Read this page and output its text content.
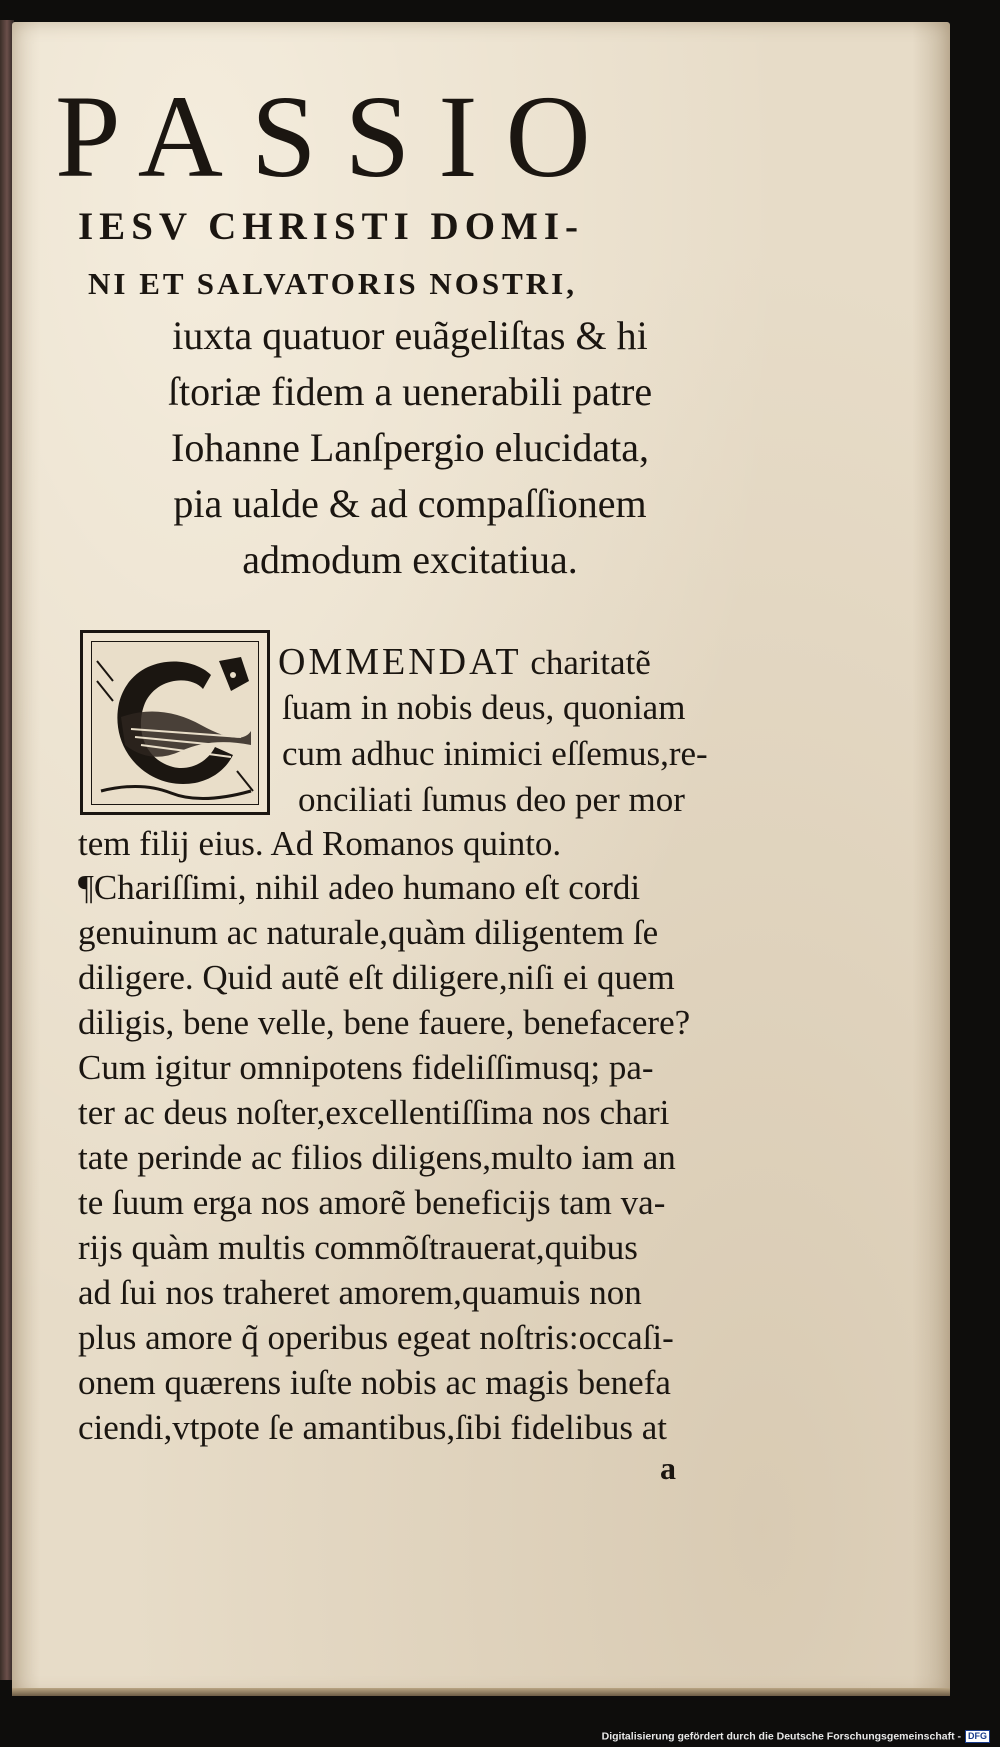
PASSIO

IESV CHRISTI DOMI-

NI ET SALVATORIS NOSTRI,

iuxta quatuor euãgeliſtas & hi

ſtoriæ fidem a uenerabili patre

Iohanne Lanſpergio elucidata,

pia ualde & ad compaſſionem

admodum excitatiua.

OMMENDAT charitatẽ

ſuam in nobis deus, quoniam

cum adhuc inimici eſſemus,re-

onciliati ſumus deo per mor

tem filij eius. Ad Romanos quinto.

¶Chariſſimi, nihil adeo humano eſt cordi

genuinum ac naturale,quàm diligentem ſe

diligere. Quid autẽ eſt diligere,niſi ei quem

diligis, bene velle, bene fauere, benefacere?

Cum igitur omnipotens fideliſſimusq; pa-

ter ac deus noſter,excellentiſſima nos chari

tate perinde ac filios diligens,multo iam an

te ſuum erga nos amorẽ beneficijs tam va-

rijs quàm multis commõſtrauerat,quibus

ad ſui nos traheret amorem,quamuis non

plus amore q̃ operibus egeat noſtris:occaſi-

onem quærens iuſte nobis ac magis benefa

ciendi,vtpote ſe amantibus,ſibi fidelibus at

a
Digitalisierung gefördert durch die Deutsche Forschungsgemeinschaft - DFG
